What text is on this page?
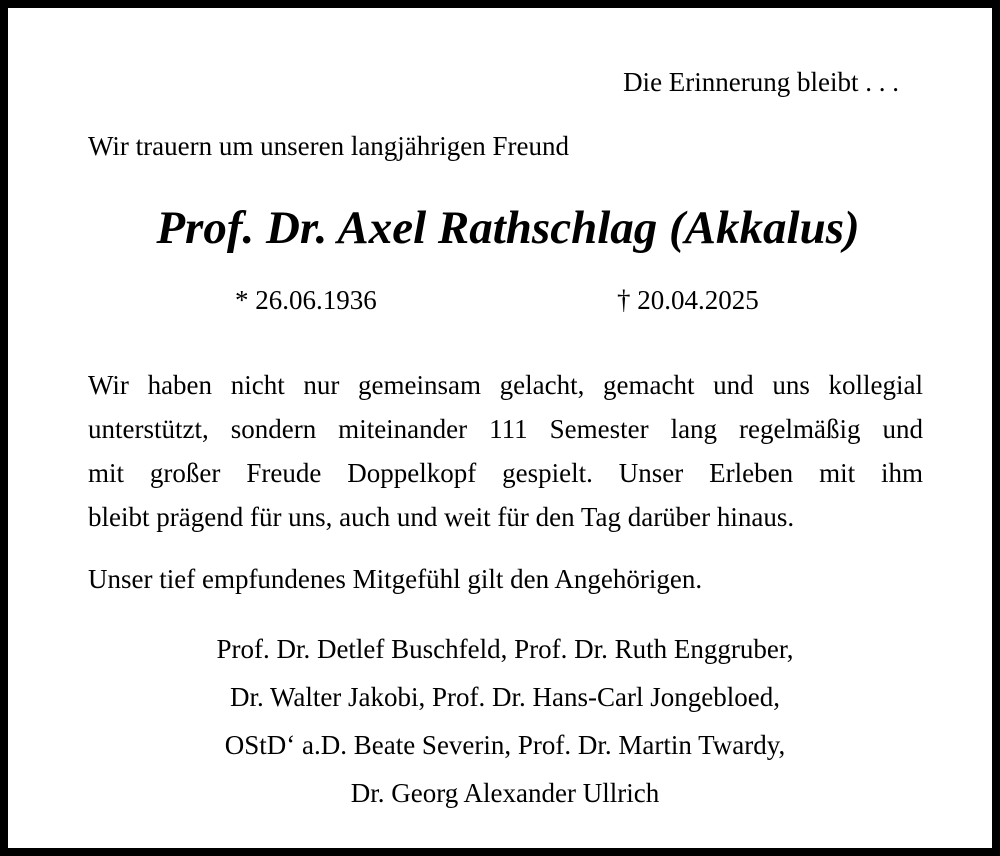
Die Erinnerung bleibt . . .
Wir trauern um unseren langjährigen Freund
Prof. Dr. Axel Rathschlag (Akkalus)
* 26.06.1936	† 20.04.2025
Wir haben nicht nur gemeinsam gelacht, gemacht und uns kollegial
unterstützt, sondern miteinander 111 Semester lang regelmäßig und
mit großer Freude Doppelkopf gespielt. Unser Erleben mit ihm
bleibt prägend für uns, auch und weit für den Tag darüber hinaus.
Unser tief empfundenes Mitgefühl gilt den Angehörigen.
Prof. Dr. Detlef Buschfeld, Prof. Dr. Ruth Enggruber,
Dr. Walter Jakobi, Prof. Dr. Hans-Carl Jongebloed,
OStD‘ a.D. Beate Severin, Prof. Dr. Martin Twardy,
Dr. Georg Alexander Ullrich
